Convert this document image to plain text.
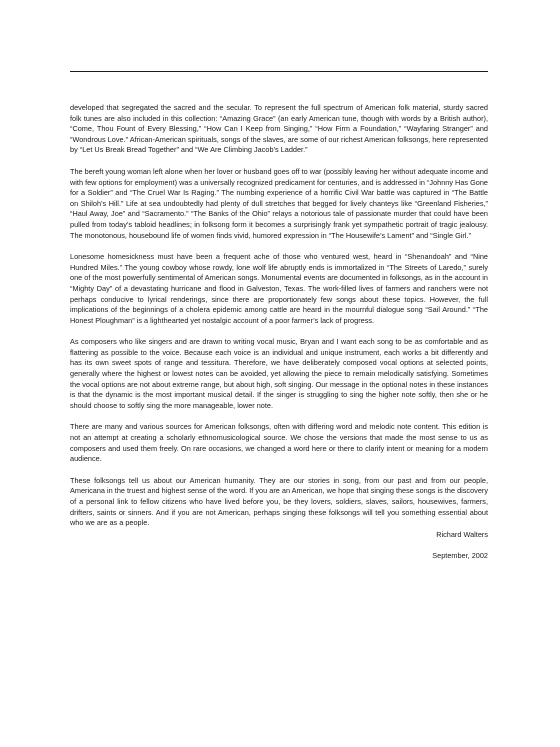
developed that segregated the sacred and the secular. To represent the full spectrum of American folk material, sturdy sacred folk tunes are also included in this collection: “Amazing Grace” (an early American tune, though with words by a British author), “Come, Thou Fount of Every Blessing,” “How Can I Keep from Singing,” “How Firm a Foundation,” “Wayfaring Stranger” and “Wondrous Love.” African-American spirituals, songs of the slaves, are some of our richest American folksongs, here represented by “Let Us Break Bread Together” and “We Are Climbing Jacob’s Ladder.”

The bereft young woman left alone when her lover or husband goes off to war (possibly leaving her without adequate income and with few options for employment) was a universally recognized predicament for centuries, and is addressed in “Johnny Has Gone for a Soldier” and “The Cruel War Is Raging.” The numbing experience of a horrific Civil War battle was captured in “The Battle on Shiloh’s Hill.” Life at sea undoubtedly had plenty of dull stretches that begged for lively chanteys like “Greenland Fisheries,” “Haul Away, Joe” and “Sacramento.” “The Banks of the Ohio” relays a notorious tale of passionate murder that could have been pulled from today’s tabloid headlines; in folksong form it becomes a surprisingly frank yet sympathetic portrait of tragic jealousy. The monotonous, housebound life of women finds vivid, humored expression in “The Housewife’s Lament” and “Single Girl.”

Lonesome homesickness must have been a frequent ache of those who ventured west, heard in “Shenandoah” and “Nine Hundred Miles.” The young cowboy whose rowdy, lone wolf life abruptly ends is immortalized in “The Streets of Laredo,” surely one of the most powerfully sentimental of American songs. Monumental events are documented in folksongs, as in the account in “Mighty Day” of a devastating hurricane and flood in Galveston, Texas. The work-filled lives of farmers and ranchers were not perhaps conducive to lyrical renderings, since there are proportionately few songs about these topics. However, the full implications of the beginnings of a cholera epidemic among cattle are heard in the mournful dialogue song “Sail Around.” “The Honest Ploughman” is a lighthearted yet nostalgic account of a poor farmer’s lack of progress.

As composers who like singers and are drawn to writing vocal music, Bryan and I want each song to be as comfortable and as flattering as possible to the voice. Because each voice is an individual and unique instrument, each works a bit differently and has its own sweet spots of range and tessitura. Therefore, we have deliberately composed vocal options at selected points, generally where the highest or lowest notes can be avoided, yet allowing the piece to remain melodically satisfying. Sometimes the vocal options are not about extreme range, but about high, soft singing. Our message in the optional notes in these instances is that the dynamic is the most important musical detail. If the singer is struggling to sing the higher note softly, then she or he should choose to softly sing the more manageable, lower note.

There are many and various sources for American folksongs, often with differing word and melodic note content. This edition is not an attempt at creating a scholarly ethnomusicological source. We chose the versions that made the most sense to us as composers and used them freely. On rare occasions, we changed a word here or there to clarify intent or meaning for a modern audience.

These folksongs tell us about our American humanity. They are our stories in song, from our past and from our people, Americana in the truest and highest sense of the word. If you are an American, we hope that singing these songs is the discovery of a personal link to fellow citizens who have lived before you, be they lovers, soldiers, slaves, sailors, housewives, farmers, drifters, saints or sinners. And if you are not American, perhaps singing these folksongs will tell you something essential about who we are as a people.

Richard Walters

September, 2002
